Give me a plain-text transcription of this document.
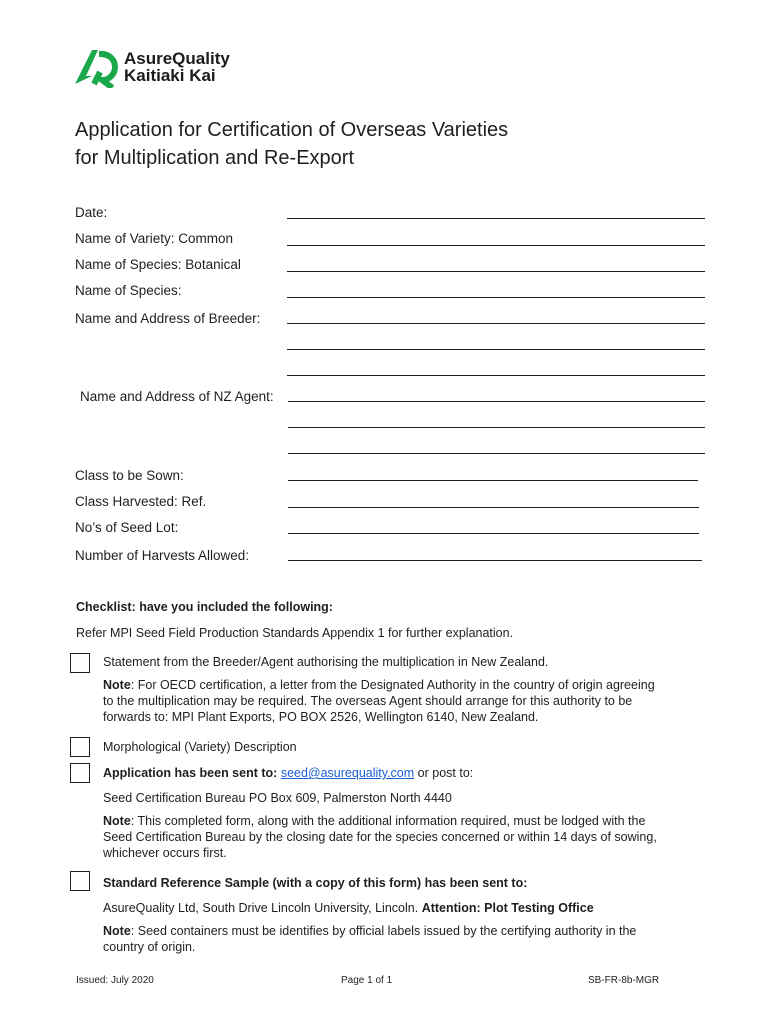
AsureQuality
Kaitiaki Kai
Application for Certification of Overseas Varieties
for Multiplication and Re-Export
Date:
Name of Variety: Common
Name of Species: Botanical
Name of Species:
Name and Address of Breeder:
Name and Address of NZ Agent:
Class to be Sown:
Class Harvested: Ref.
No’s of Seed Lot:
Number of Harvests Allowed:
Checklist: have you included the following:
Refer MPI Seed Field Production Standards Appendix 1 for further explanation.
Statement from the Breeder/Agent authorising the multiplication in New Zealand.
Note: For OECD certification, a letter from the Designated Authority in the country of origin agreeing
to the multiplication may be required. The overseas Agent should arrange for this authority to be
forwards to: MPI Plant Exports, PO BOX 2526, Wellington 6140, New Zealand.
Morphological (Variety) Description
Application has been sent to: seed@asurequality.com or post to:
Seed Certification Bureau PO Box 609, Palmerston North 4440
Note: This completed form, along with the additional information required, must be lodged with the
Seed Certification Bureau by the closing date for the species concerned or within 14 days of sowing,
whichever occurs first.
Standard Reference Sample (with a copy of this form) has been sent to:
AsureQuality Ltd, South Drive Lincoln University, Lincoln. Attention: Plot Testing Office
Note: Seed containers must be identifies by official labels issued by the certifying authority in the
country of origin.
Issued: July 2020	Page 1 of 1	SB-FR-8b-MGR
